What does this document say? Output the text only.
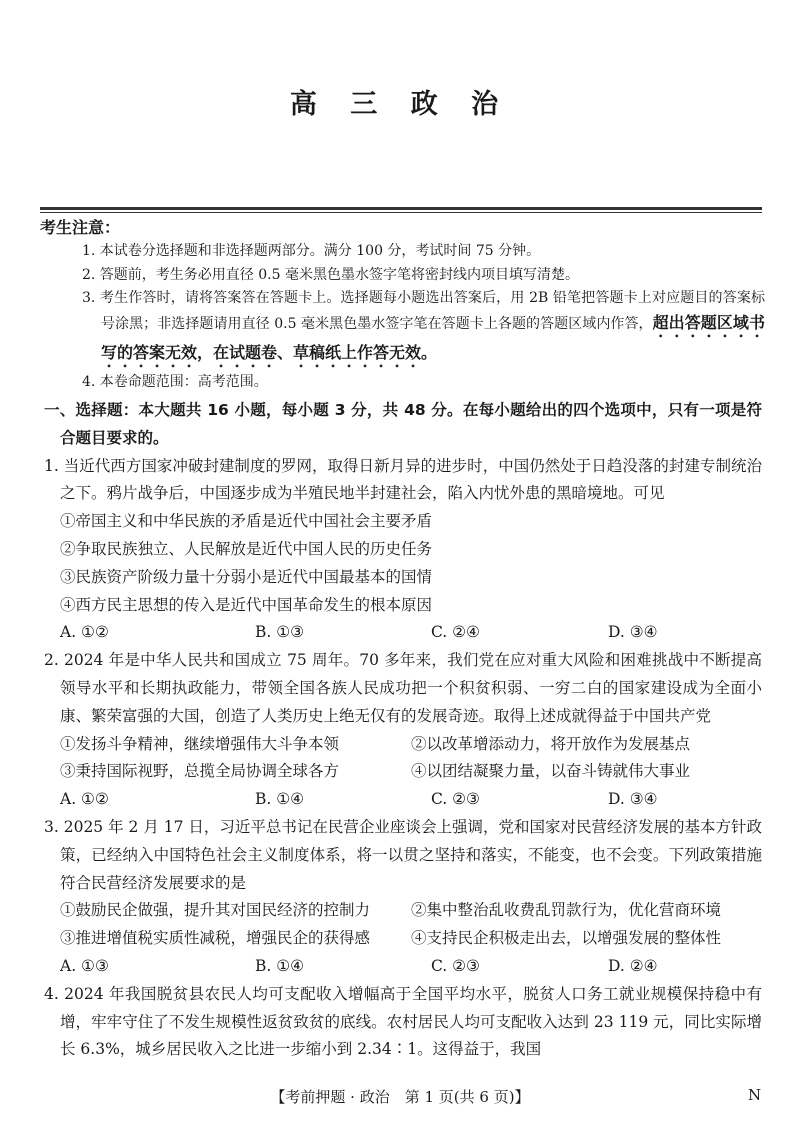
高 三 政 治
考生注意：
1. 本试卷分选择题和非选择题两部分。满分 100 分，考试时间 75 分钟。
2. 答题前，考生务必用直径 0.5 毫米黑色墨水签字笔将密封线内项目填写清楚。
3. 考生作答时，请将答案答在答题卡上。选择题每小题选出答案后，用 2B 铅笔把答题卡上对应题目的答案标号涂黑；非选择题请用直径 0.5 毫米黑色墨水签字笔在答题卡上各题的答题区域内作答，超出答题区域书写的答案无效，在试题卷、草稿纸上作答无效。
4. 本卷命题范围：高考范围。
一、选择题：本大题共 16 小题，每小题 3 分，共 48 分。在每小题给出的四个选项中，只有一项是符合题目要求的。
1. 当近代西方国家冲破封建制度的罗网，取得日新月异的进步时，中国仍然处于日趋没落的封建专制统治之下。鸦片战争后，中国逐步成为半殖民地半封建社会，陷入内忧外患的黑暗境地。可见
①帝国主义和中华民族的矛盾是近代中国社会主要矛盾
②争取民族独立、人民解放是近代中国人民的历史任务
③民族资产阶级力量十分弱小是近代中国最基本的国情
④西方民主思想的传入是近代中国革命发生的根本原因
A. ①②	B. ①③	C. ②④	D. ③④
2. 2024 年是中华人民共和国成立 75 周年。70 多年来，我们党在应对重大风险和困难挑战中不断提高领导水平和长期执政能力，带领全国各族人民成功把一个积贫积弱、一穷二白的国家建设成为全面小康、繁荣富强的大国，创造了人类历史上绝无仅有的发展奇迹。取得上述成就得益于中国共产党
①发扬斗争精神，继续增强伟大斗争本领	②以改革增添动力，将开放作为发展基点
③秉持国际视野，总揽全局协调全球各方	④以团结凝聚力量，以奋斗铸就伟大事业
A. ①②	B. ①④	C. ②③	D. ③④
3. 2025 年 2 月 17 日，习近平总书记在民营企业座谈会上强调，党和国家对民营经济发展的基本方针政策，已经纳入中国特色社会主义制度体系，将一以贯之坚持和落实，不能变，也不会变。下列政策措施符合民营经济发展要求的是
①鼓励民企做强，提升其对国民经济的控制力	②集中整治乱收费乱罚款行为，优化营商环境
③推进增值税实质性减税，增强民企的获得感	④支持民企积极走出去，以增强发展的整体性
A. ①③	B. ①④	C. ②③	D. ②④
4. 2024 年我国脱贫县农民人均可支配收入增幅高于全国平均水平，脱贫人口务工就业规模保持稳中有增，牢牢守住了不发生规模性返贫致贫的底线。农村居民人均可支配收入达到 23 119 元，同比实际增长 6.3%，城乡居民收入之比进一步缩小到 2.34∶1。这得益于，我国
【考前押题 · 政治　第 1 页(共 6 页)】	N
